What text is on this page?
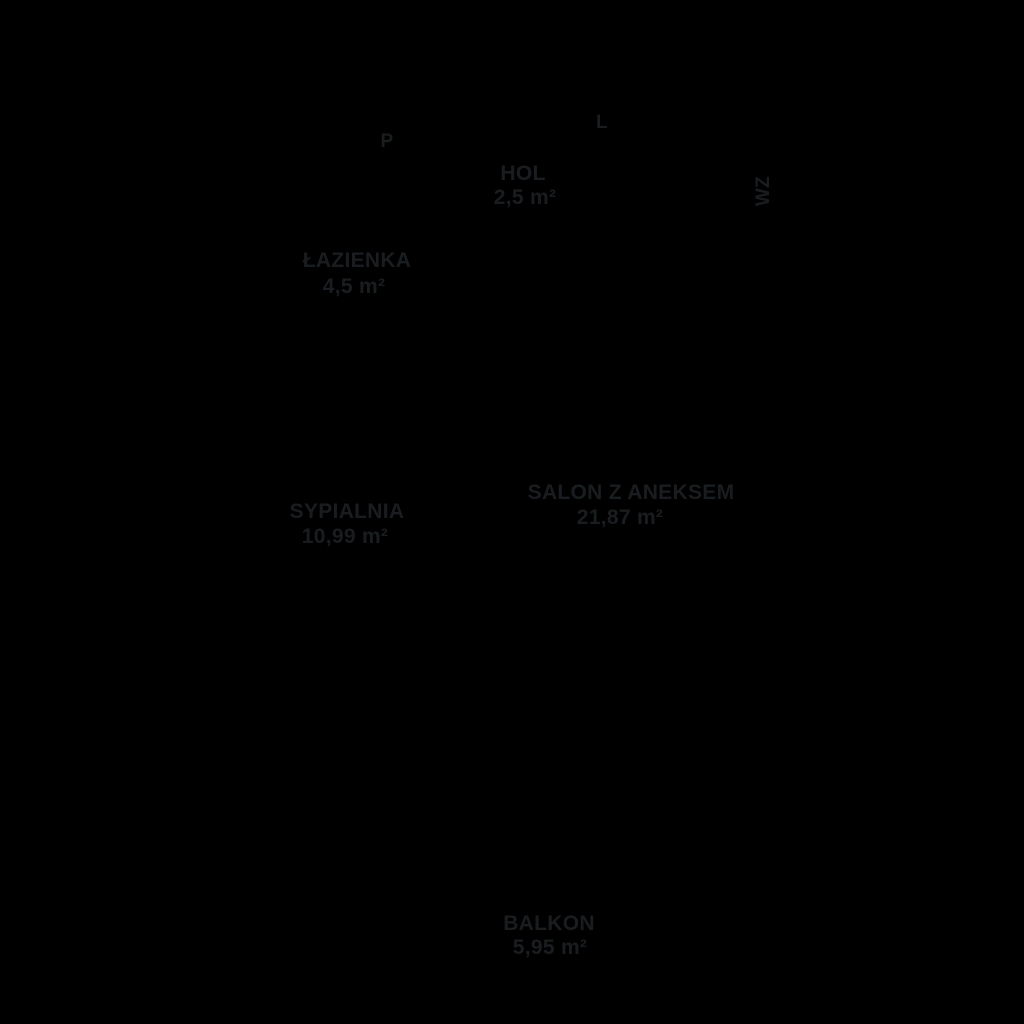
HOL
2,5 m²
ŁAZIENKA
4,5 m²
SYPIALNIA
10,99 m²
SALON Z ANEKSEM
21,87 m²
BALKON
5,95 m²
P
L
WZ
